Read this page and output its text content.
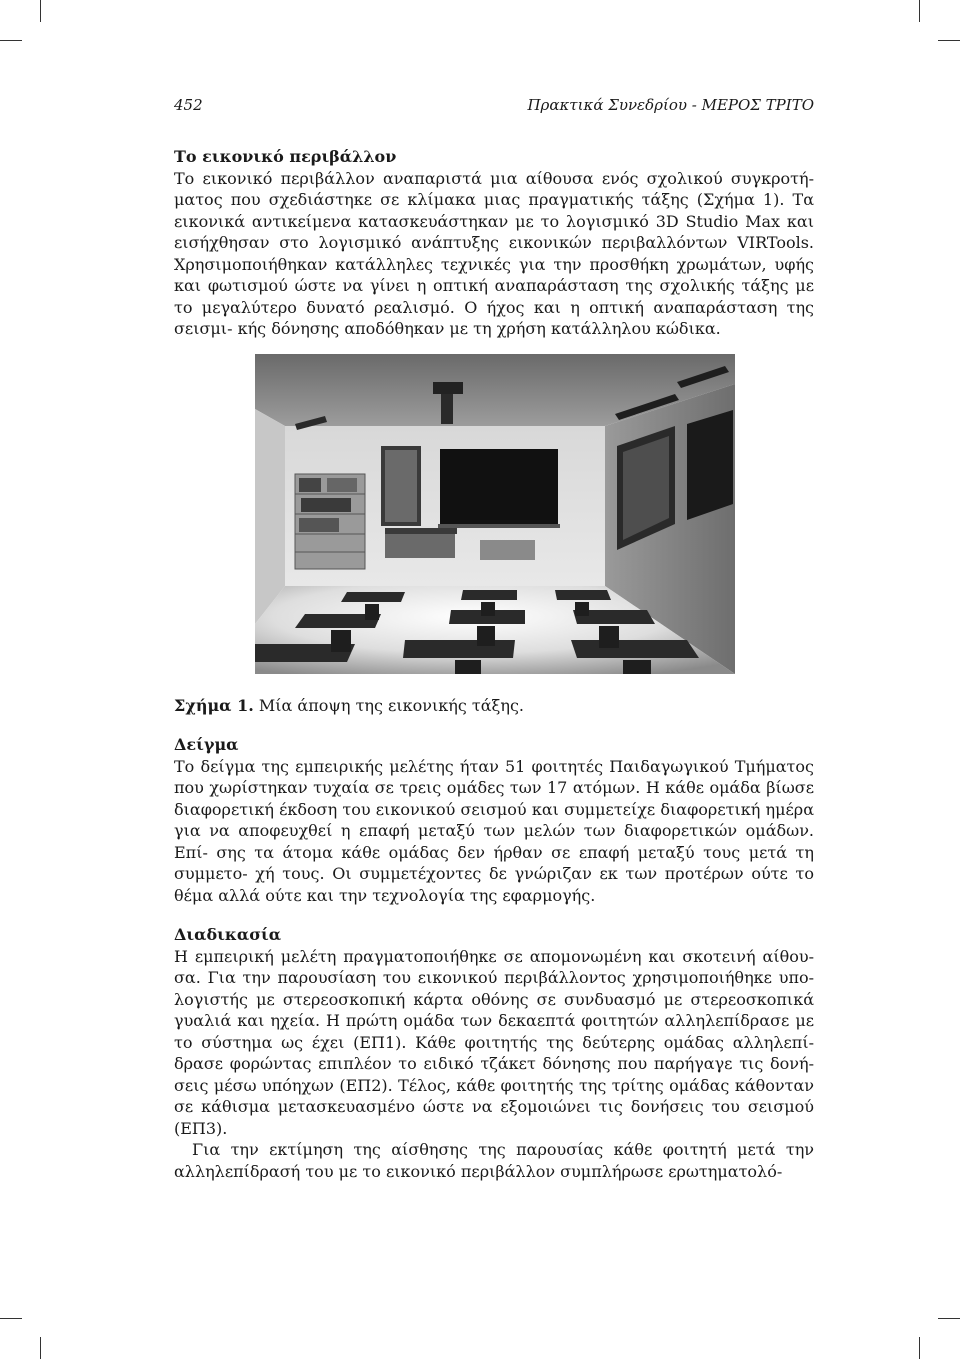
452	Πρακτικά Συνεδρίου - ΜΕΡΟΣ ΤΡΙΤΟ
Το εικονικό περιβάλλον

Το εικονικό περιβάλλον αναπαριστά μια αίθουσα ενός σχολικού συγκροτή- ματος που σχεδιάστηκε σε κλίμακα μιας πραγματικής τάξης (Σχήμα 1). Τα εικονικά αντικείμενα κατασκευάστηκαν με το λογισμικό 3D Studio Max και εισήχθησαν στο λογισμικό ανάπτυξης εικονικών περιβαλλόντων VIRTools. Χρησιμοποιήθηκαν κατάλληλες τεχνικές για την προσθήκη χρωμάτων, υφής και φωτισμού ώστε να γίνει η οπτική αναπαράσταση της σχολικής τάξης με το μεγαλύτερο δυνατό ρεαλισμό. Ο ήχος και η οπτική αναπαράσταση της σεισμι- κής δόνησης αποδόθηκαν με τη χρήση κατάλληλου κώδικα.

Σχήμα 1. Μία άποψη της εικονικής τάξης.
Δείγμα

Το δείγμα της εμπειρικής μελέτης ήταν 51 φοιτητές Παιδαγωγικού Τμήματος που χωρίστηκαν τυχαία σε τρεις ομάδες των 17 ατόμων. Η κάθε ομάδα βίωσε διαφορετική έκδοση του εικονικού σεισμού και συμμετείχε διαφορετική ημέρα για να αποφευχθεί η επαφή μεταξύ των μελών των διαφορετικών ομάδων. Επί- σης τα άτομα κάθε ομάδας δεν ήρθαν σε επαφή μεταξύ τους μετά τη συμμετο- χή τους. Οι συμμετέχοντες δε γνώριζαν εκ των προτέρων ούτε το θέμα αλλά ούτε και την τεχνολογία της εφαρμογής.

Διαδικασία

Η εμπειρική μελέτη πραγματοποιήθηκε σε απομονωμένη και σκοτεινή αίθου- σα. Για την παρουσίαση του εικονικού περιβάλλοντος χρησιμοποιήθηκε υπο- λογιστής με στερεοσκοπική κάρτα οθόνης σε συνδυασμό με στερεοσκοπικά γυαλιά και ηχεία. Η πρώτη ομάδα των δεκαεπτά φοιτητών αλληλεπίδρασε με το σύστημα ως έχει (ΕΠ1). Κάθε φοιτητής της δεύτερης ομάδας αλληλεπί- δρασε φορώντας επιπλέον το ειδικό τζάκετ δόνησης που παρήγαγε τις δονή- σεις μέσω υπόηχων (ΕΠ2). Τέλος, κάθε φοιτητής της τρίτης ομάδας κάθονταν σε κάθισμα μετασκευασμένο ώστε να εξομοιώνει τις δονήσεις του σεισμού (ΕΠ3).

Για την εκτίμηση της αίσθησης της παρουσίας κάθε φοιτητή μετά την αλληλεπίδρασή του με το εικονικό περιβάλλον συμπλήρωσε ερωτηματολό-
